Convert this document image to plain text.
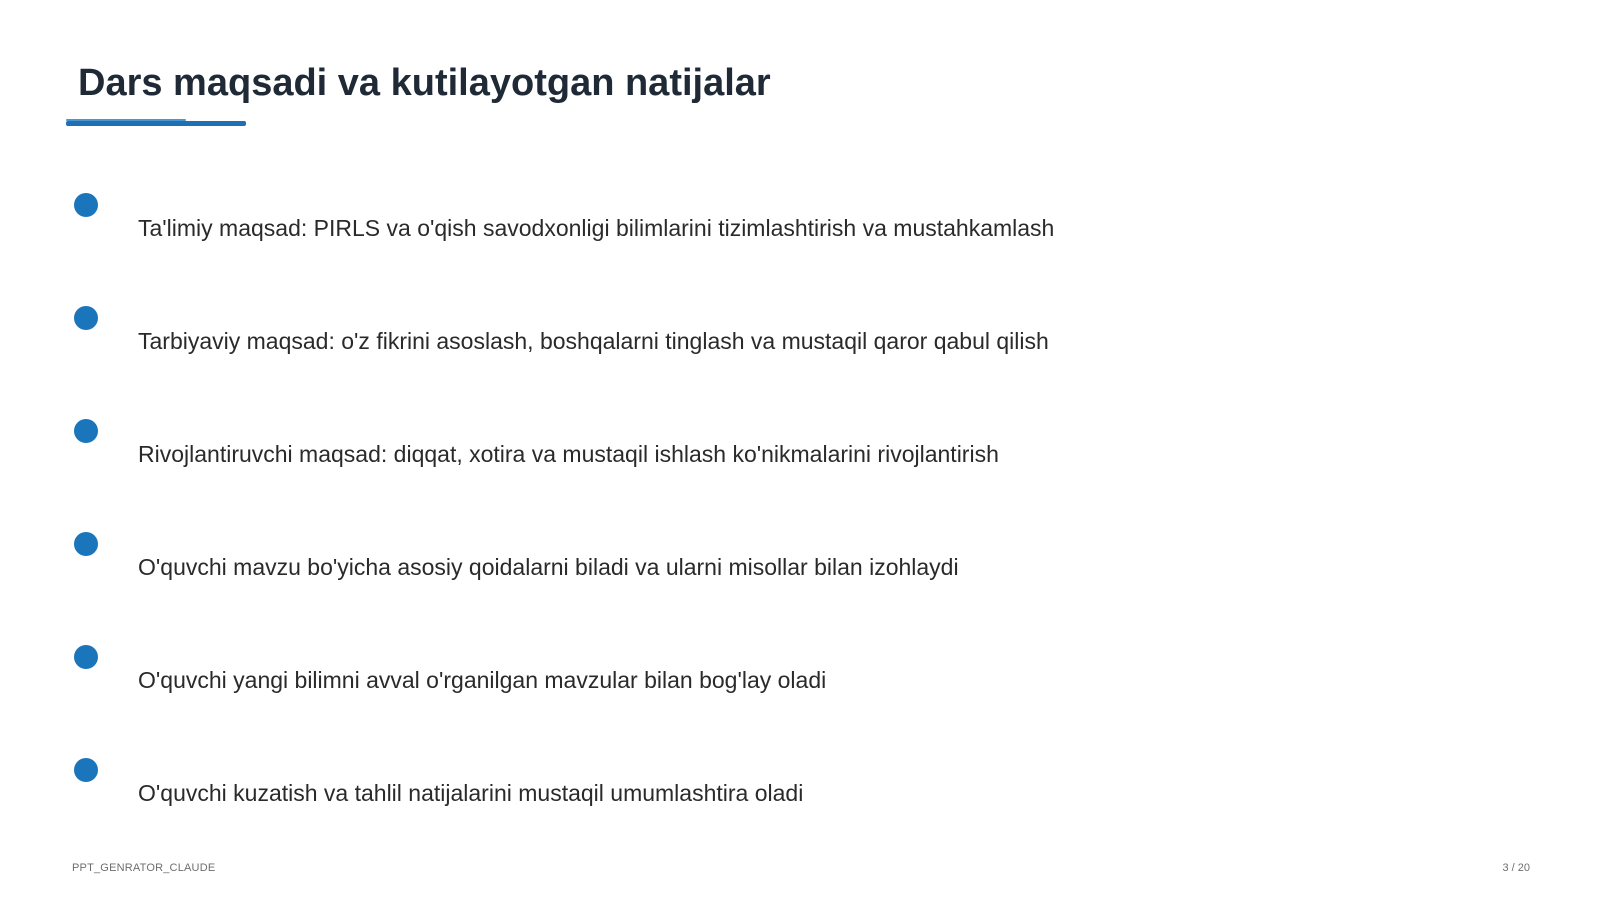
Dars maqsadi va kutilayotgan natijalar
Ta'limiy maqsad: PIRLS va o'qish savodxonligi bilimlarini tizimlashtirish va mustahkamlash
Tarbiyaviy maqsad: o'z fikrini asoslash, boshqalarni tinglash va mustaqil qaror qabul qilish
Rivojlantiruvchi maqsad: diqqat, xotira va mustaqil ishlash ko'nikmalarini rivojlantirish
O'quvchi mavzu bo'yicha asosiy qoidalarni biladi va ularni misollar bilan izohlaydi
O'quvchi yangi bilimni avval o'rganilgan mavzular bilan bog'lay oladi
O'quvchi kuzatish va tahlil natijalarini mustaqil umumlashtira oladi
PPT_GENRATOR_CLAUDE	3 / 20
